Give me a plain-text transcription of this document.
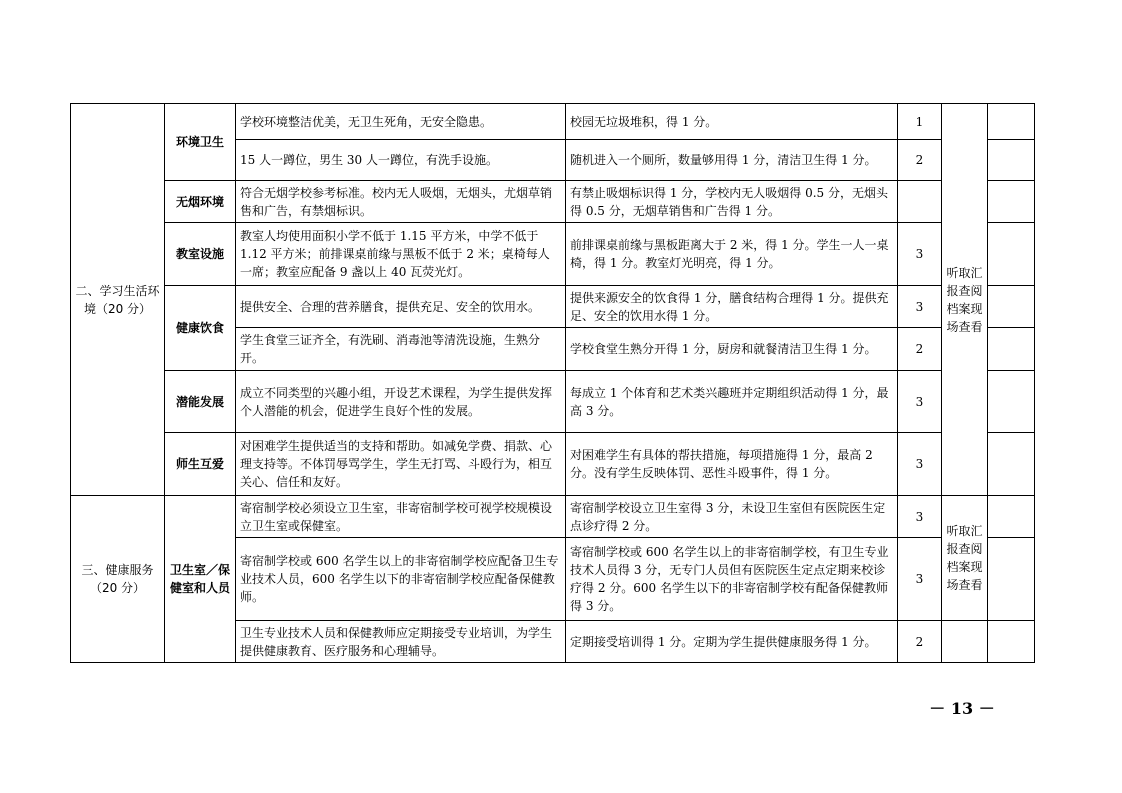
二、学习生活环境（20 分）	环境卫生	学校环境整洁优美，无卫生死角，无安全隐患。	校园无垃圾堆积，得 1 分。	1	听取汇报查阅档案现场查看	
		15 人一蹲位，男生 30 人一蹲位，有洗手设施。	随机进入一个厕所，数量够用得 1 分，清洁卫生得 1 分。	2		
	无烟环境	符合无烟学校参考标准。校内无人吸烟，无烟头，尤烟草销售和广告，有禁烟标识。	有禁止吸烟标识得 1 分，学校内无人吸烟得 0.5 分，无烟头得 0.5 分，无烟草销售和广告得 1 分。			
	教室设施	教室人均使用面积小学不低于 1.15 平方米，中学不低于 1.12 平方米；前排课桌前缘与黑板不低于 2 米；桌椅每人一席；教室应配备 9 盏以上 40 瓦荧光灯。	前排课桌前缘与黑板距离大于 2 米，得 1 分。学生一人一桌椅，得 1 分。教室灯光明亮，得 1 分。	3		
	健康饮食	提供安全、合理的营养膳食，提供充足、安全的饮用水。	提供来源安全的饮食得 1 分，膳食结构合理得 1 分。提供充足、安全的饮用水得 1 分。	3		
		学生食堂三证齐全，有洗刷、消毒池等清洗设施，生熟分开。	学校食堂生熟分开得 1 分，厨房和就餐清洁卫生得 1 分。	2		
	潜能发展	成立不同类型的兴趣小组，开设艺术课程，为学生提供发挥个人潜能的机会，促进学生良好个性的发展。	每成立 1 个体育和艺术类兴趣班并定期组织活动得 1 分，最高 3 分。	3		
	师生互爱	对困难学生提供适当的支持和帮助。如减免学费、捐款、心理支持等。不体罚辱骂学生，学生无打骂、斗殴行为，相互关心、信任和友好。	对困难学生有具体的帮扶措施，每项措施得 1 分，最高 2 分。没有学生反映体罚、恶性斗殴事件，得 1 分。	3		
三、健康服务（20 分）	卫生室／保健室和人员	寄宿制学校必须设立卫生室，非寄宿制学校可视学校规模设立卫生室或保健室。	寄宿制学校设立卫生室得 3 分，未设卫生室但有医院医生定点诊疗得 2 分。	3	听取汇报查阅档案现场查看	
		寄宿制学校或 600 名学生以上的非寄宿制学校应配备卫生专业技术人员，600 名学生以下的非寄宿制学校应配备保健教师。	寄宿制学校或 600 名学生以上的非寄宿制学校，有卫生专业技术人员得 3 分，无专门人员但有医院医生定点定期来校诊疗得 2 分。600 名学生以下的非寄宿制学校有配备保健教师得 3 分。	3		
		卫生专业技术人员和保健教师应定期接受专业培训，为学生提供健康教育、医疗服务和心理辅导。	定期接受培训得 1 分。定期为学生提供健康服务得 1 分。	2		
－ 13 －
